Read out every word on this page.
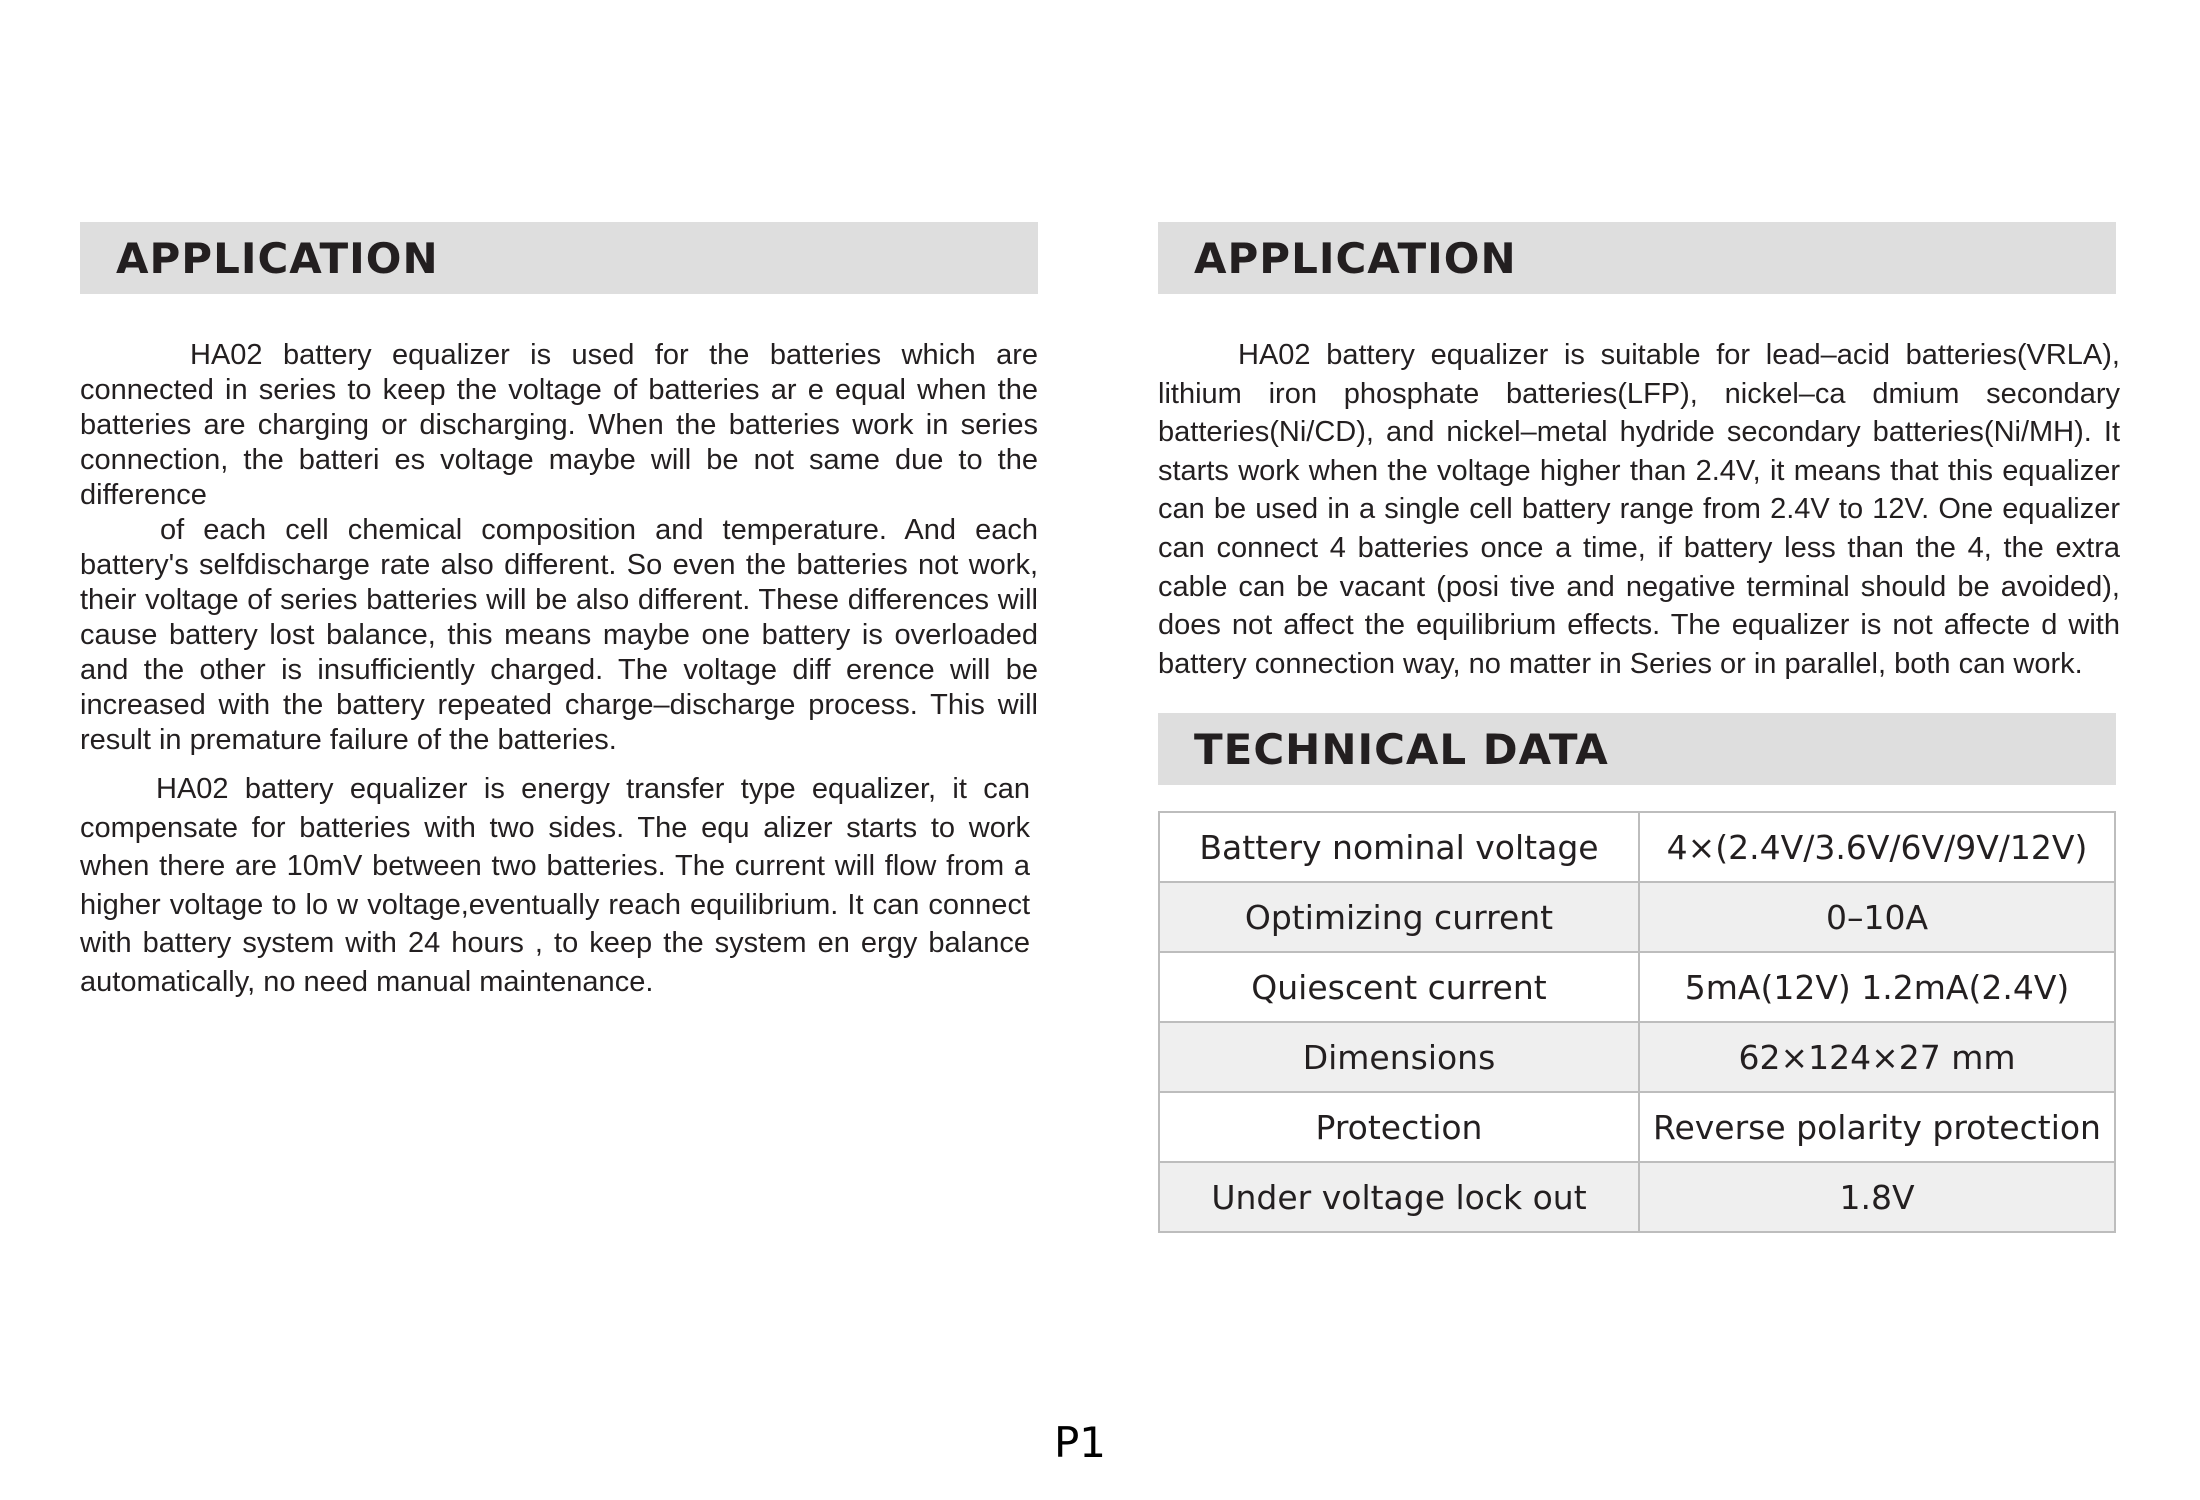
APPLICATION

HA02 battery equalizer is used for the batteries which are connected in series to keep the voltage of batteries ar e equal when the batteries are charging or discharging. When the batteries work in series connection, the batteri es voltage maybe will be not same due to the difference

of each cell chemical composition and temperature. And each battery's selfdischarge rate also different. So even the batteries not work, their voltage of series batteries will be also different. These differences will cause battery lost balance, this means maybe one battery is overloaded and the other is insufficiently charged. The voltage diff erence will be increased with the battery repeated charge–discharge process. This will result in premature failure of the batteries.

HA02 battery equalizer is energy transfer type equalizer, it can compensate for batteries with two sides. The equ alizer starts to work when there are 10mV between two batteries. The current will flow from a higher voltage to lo w voltage,eventually reach equilibrium. It can connect with battery system with 24 hours , to keep the system en ergy balance automatically, no need manual maintenance.

APPLICATION

HA02 battery equalizer is suitable for lead–acid batteries(VRLA), lithium iron phosphate batteries(LFP), nickel–ca dmium secondary batteries(Ni/CD), and nickel–metal hydride secondary batteries(Ni/MH). It starts work when the voltage higher than 2.4V, it means that this equalizer can be used in a single cell battery range from 2.4V to 12V. One equalizer can connect 4 batteries once a time, if battery less than the 4, the extra cable can be vacant (posi tive and negative terminal should be avoided), does not affect the equilibrium effects. The equalizer is not affecte d with battery connection way, no matter in Series or in parallel, both can work.

TECHNICAL DATA
Battery nominal voltage	4×(2.4V/3.6V/6V/9V/12V)
Optimizing current	0–10A
Quiescent current	5mA(12V) 1.2mA(2.4V)
Dimensions	62×124×27 mm
Protection	Reverse polarity protection
Under voltage lock out	1.8V
P1
